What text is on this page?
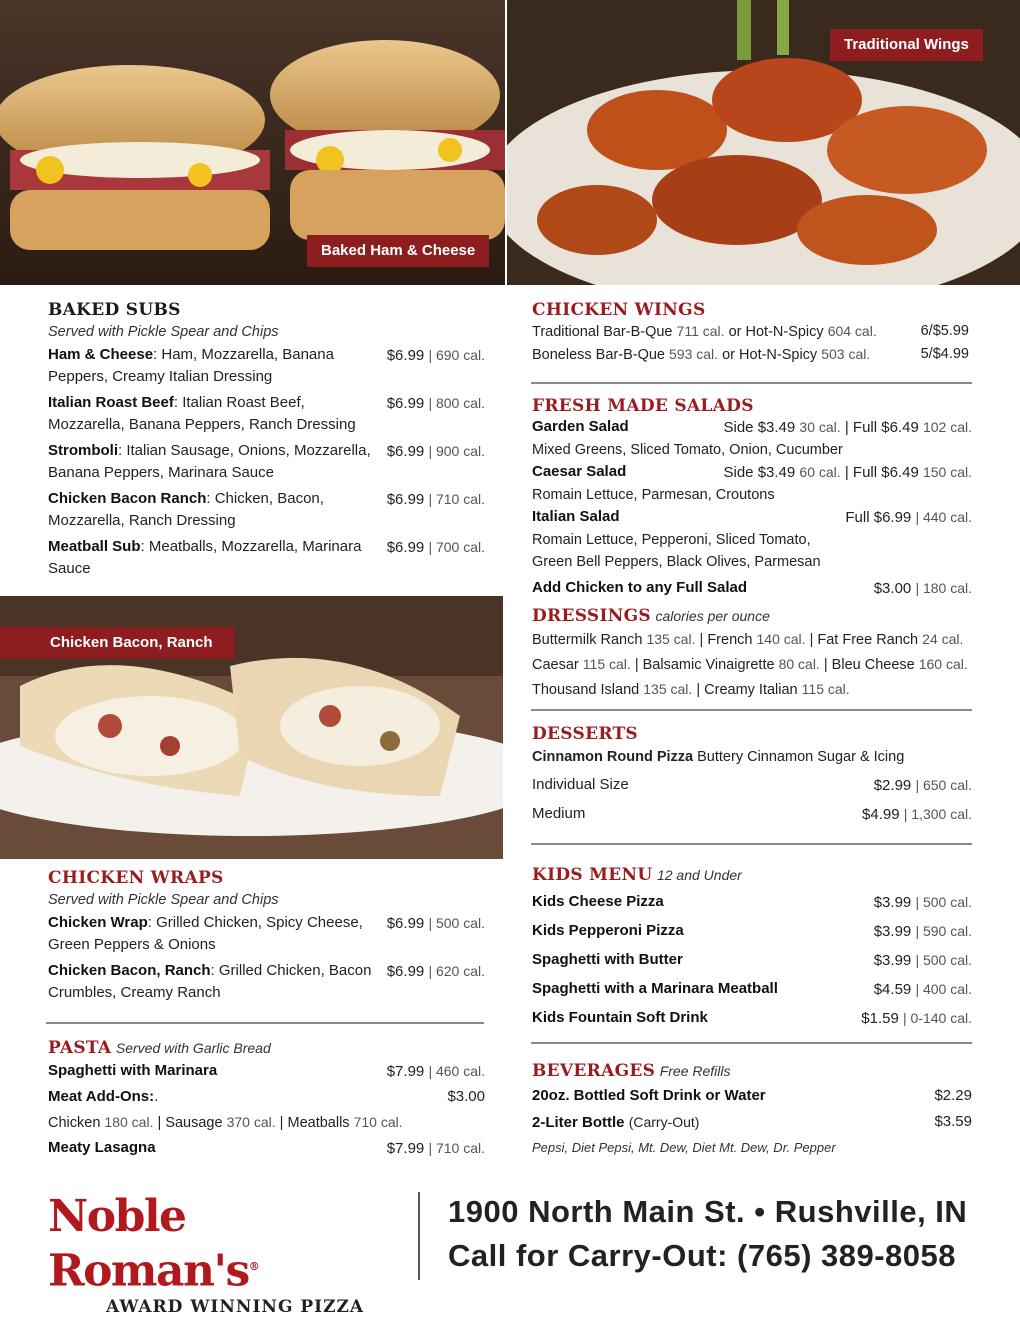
Baked Ham & Cheese
Traditional Wings
Chicken Bacon, Ranch
BAKED SUBS
Served with Pickle Spear and Chips
Ham & Cheese: Ham, Mozzarella, Banana Peppers, Creamy Italian Dressing
$6.99 | 690 cal.
Italian Roast Beef: Italian Roast Beef, Mozzarella, Banana Peppers, Ranch Dressing
$6.99 | 800 cal.
Stromboli: Italian Sausage, Onions, Mozzarella, Banana Peppers, Marinara Sauce
$6.99 | 900 cal.
Chicken Bacon Ranch: Chicken, Bacon, Mozzarella, Ranch Dressing
$6.99 | 710 cal.
Meatball Sub: Meatballs, Mozzarella, Marinara Sauce
$6.99 | 700 cal.
CHICKEN WRAPS
Served with Pickle Spear and Chips
Chicken Wrap: Grilled Chicken, Spicy Cheese, Green Peppers & Onions
$6.99 | 500 cal.
Chicken Bacon, Ranch: Grilled Chicken, Bacon Crumbles, Creamy Ranch
$6.99 | 620 cal.
PASTA Served with Garlic Bread
Spaghetti with Marinara	$7.99 | 460 cal.
Meat Add-Ons:.	$3.00
Chicken 180 cal. | Sausage 370 cal. | Meatballs 710 cal.
Meaty Lasagna	$7.99 | 710 cal.
CHICKEN WINGS
Traditional Bar-B-Que 711 cal. or Hot-N-Spicy 604 cal.	6/$5.99
Boneless Bar-B-Que 593 cal. or Hot-N-Spicy 503 cal.	5/$4.99
FRESH MADE SALADS
Garden Salad	Side $3.49 30 cal. | Full $6.49 102 cal.
Mixed Greens, Sliced Tomato, Onion, Cucumber
Caesar Salad	Side $3.49 60 cal. | Full $6.49 150 cal.
Romain Lettuce, Parmesan, Croutons
Italian Salad	Full $6.99 | 440 cal.
Romain Lettuce, Pepperoni, Sliced Tomato,
Green Bell Peppers, Black Olives, Parmesan
Add Chicken to any Full Salad	$3.00 | 180 cal.
DRESSINGS calories per ounce
Buttermilk Ranch 135 cal. | French 140 cal. | Fat Free Ranch 24 cal.
Caesar 115 cal. | Balsamic Vinaigrette 80 cal. | Bleu Cheese 160 cal.
Thousand Island 135 cal. | Creamy Italian 115 cal.
DESSERTS
Cinnamon Round Pizza Buttery Cinnamon Sugar & Icing
Individual Size	$2.99 | 650 cal.
Medium	$4.99 | 1,300 cal.
KIDS MENU 12 and Under
Kids Cheese Pizza	$3.99 | 500 cal.
Kids Pepperoni Pizza	$3.99 | 590 cal.
Spaghetti with Butter	$3.99 | 500 cal.
Spaghetti with a Marinara Meatball	$4.59 | 400 cal.
Kids Fountain Soft Drink	$1.59 | 0-140 cal.
BEVERAGES Free Refills
20oz. Bottled Soft Drink or Water	$2.29
2-Liter Bottle (Carry-Out)	$3.59
Pepsi, Diet Pepsi, Mt. Dew, Diet Mt. Dew, Dr. Pepper
Noble Roman's®
AWARD WINNING PIZZA
1900 North Main St. • Rushville, IN
Call for Carry-Out: (765) 389-8058
